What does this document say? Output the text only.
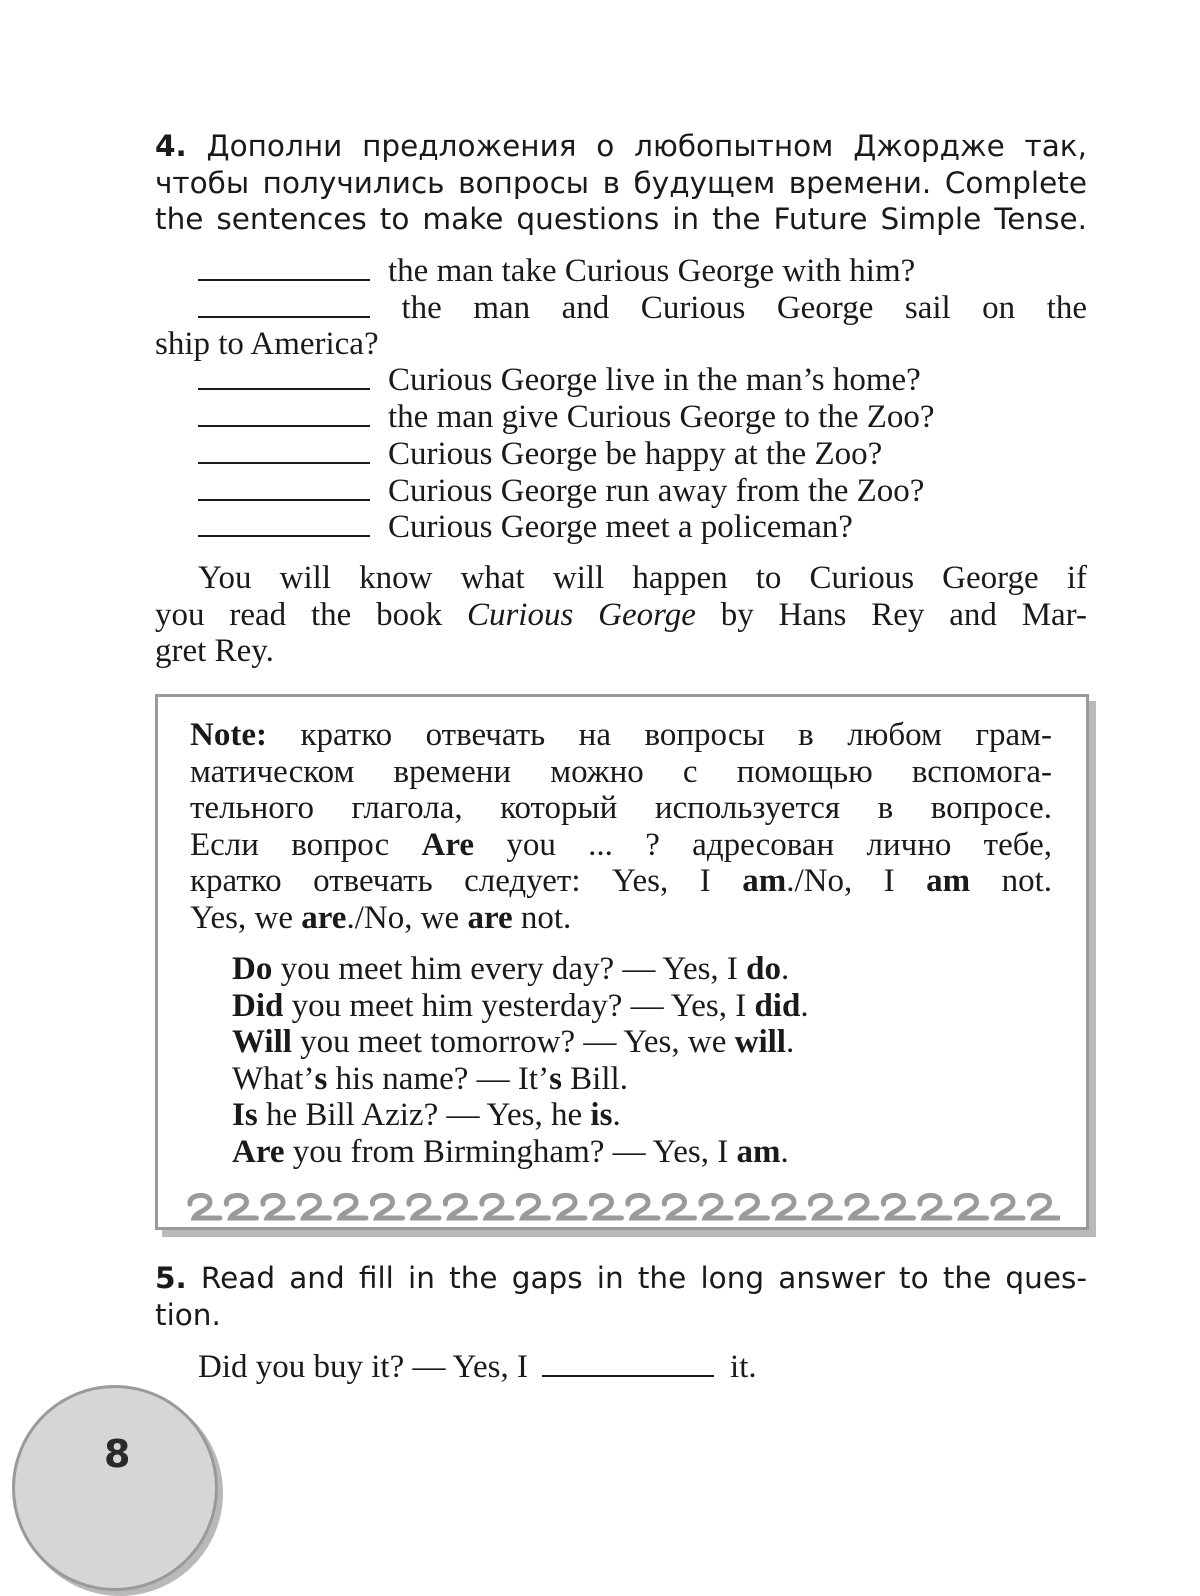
4. Дополни предложения о любопытном Джордже так,
чтобы получились вопросы в будущем времени. Complete
the sentences to make questions in the Future Simple Tense.
the man take Curious George with him?
the man and Curious George sail on the
ship to America?
Curious George live in the man’s home?
the man give Curious George to the Zoo?
Curious George be happy at the Zoo?
Curious George run away from the Zoo?
Curious George meet a policeman?
You will know what will happen to Curious George if
you read the book Curious George by Hans Rey and Mar-
gret Rey.
Note: кратко отвечать на вопросы в любом грам-
матическом времени можно с помощью вспомога-
тельного глагола, который используется в вопросе.
Если вопрос Are you ... ? адресован лично тебе,
кратко отвечать следует: Yes, I am./No, I am not.
Yes, we are./No, we are not.
Do you meet him every day? — Yes, I do.
Did you meet him yesterday? — Yes, I did.
Will you meet tomorrow? — Yes, we will.
What’s his name? — It’s Bill.
Is he Bill Aziz? — Yes, he is.
Are you from Birmingham? — Yes, I am.
5. Read and fill in the gaps in the long answer to the ques-
tion.
Did you buy it? — Yes, I	it.
8
